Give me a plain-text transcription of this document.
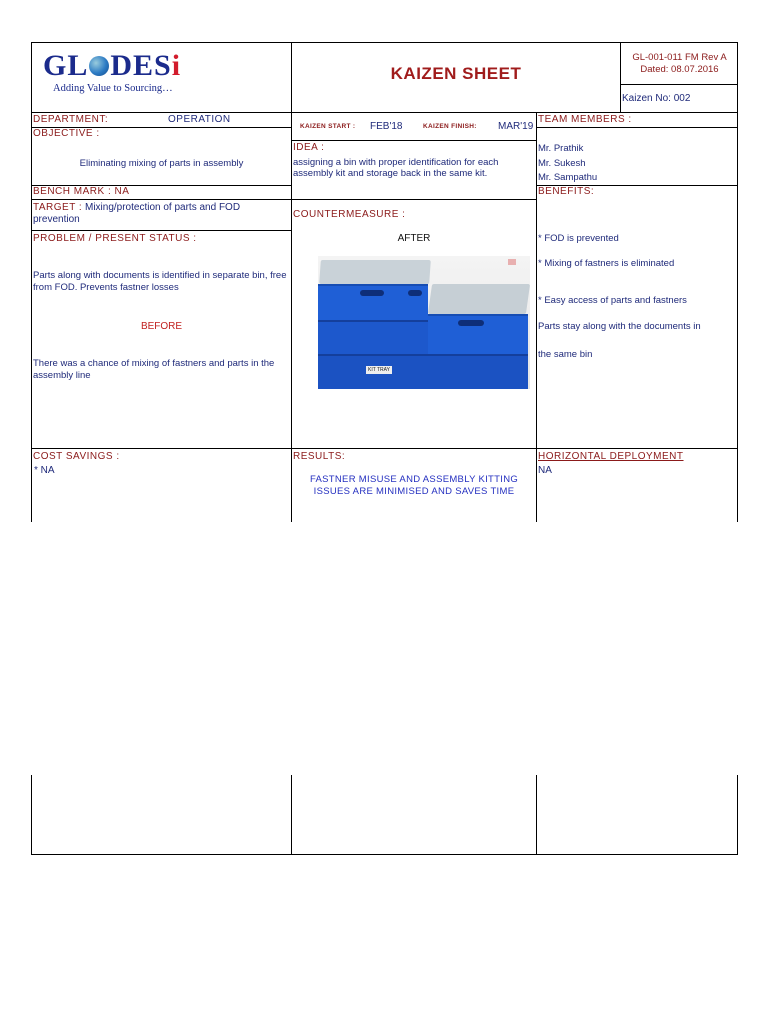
GL DESi
Adding Value to Sourcing…
KAIZEN SHEET
GL-001-011 FM Rev A
Dated: 08.07.2016
Kaizen No: 002
DEPARTMENT:	OPERATION
KAIZEN START : FEB'18	KAIZEN FINISH: MAR'19
TEAM MEMBERS :
Mr. Prathik
Mr. Sukesh
Mr. Sampathu
OBJECTIVE :
Eliminating mixing of parts in assembly
IDEA :
assigning a bin with proper identification for each assembly kit and storage back in the same kit.
BENCH MARK : NA	BENEFITS:
* FOD is prevented
* Mixing of fastners is eliminated
* Easy access of parts and fastners
Parts stay along with the documents in
the same bin
TARGET : Mixing/protection of parts and FOD prevention	COUNTERMEASURE :
AFTER
KIT TRAY
PROBLEM / PRESENT STATUS :
Parts along with documents is identified in separate bin, free from FOD. Prevents fastner losses
BEFORE
There was a chance of mixing of fastners and parts in the assembly line
COST SAVINGS :
* NA
RESULTS:
FASTNER MISUSE AND ASSEMBLY KITTING ISSUES ARE MINIMISED AND SAVES TIME
HORIZONTAL DEPLOYMENT
NA
